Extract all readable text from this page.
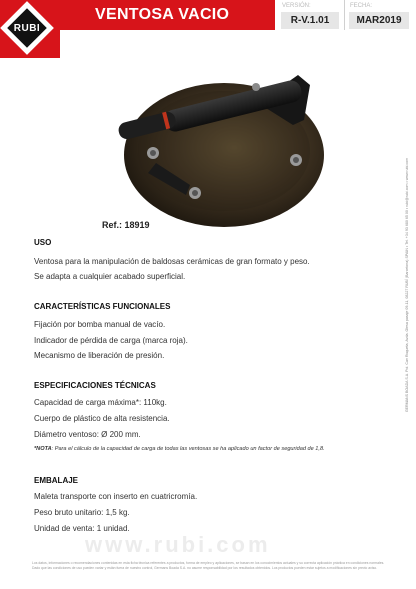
RUBI
VENTOSA VACIO	VERSIÓN:
R-V.1.01
FECHA:
MAR2019
Ref.: 18919
USO
Ventosa para la manipulación de baldosas cerámicas de gran formato y peso.
Se adapta a cualquier acabado superficial.
CARACTERÍSTICAS FUNCIONALES
Fijación por bomba manual de vacío.
Indicador de pérdida de carga (marca roja).
Mecanismo de liberación de presión.
ESPECIFICACIONES TÉCNICAS
Capacidad de carga máxima*: 110kg.
Cuerpo de plástico de alta resistencia.
Diámetro ventoso: Ø 200 mm.
*NOTA: Para el cálculo de la capacidad de carga de todas las ventosas se ha aplicado un factor de seguridad de 1,8.
EMBALAJE
Maleta transporte con inserto en cuatricromía.
Peso bruto unitario: 1,5 kg.
Unidad de venta: 1 unidad.
www.rubi.com
Los datos, informaciones o recomendaciones contenidas en esta ficha técnica referentes a productos, forma de empleo y aplicaciones, se basan en los conocimientos actuales y su correcta aplicación práctica en condiciones normales. Dado que las condiciones de uso pueden variar y están fuera de nuestro control, Germans Boada S.A. no asume responsabilidad por los resultados obtenidos. Los productos pueden estar sujetos a modificaciones sin previo aviso.
GERMANS BOADA S.A. Pol. Can Roqueta, Avda. Olesa pasaje 09-11, 08227 RUBÍ (Barcelona) SPAIN • Tel. +34 93 680 65 00 • rubi@rubi.com • www.rubi.com
